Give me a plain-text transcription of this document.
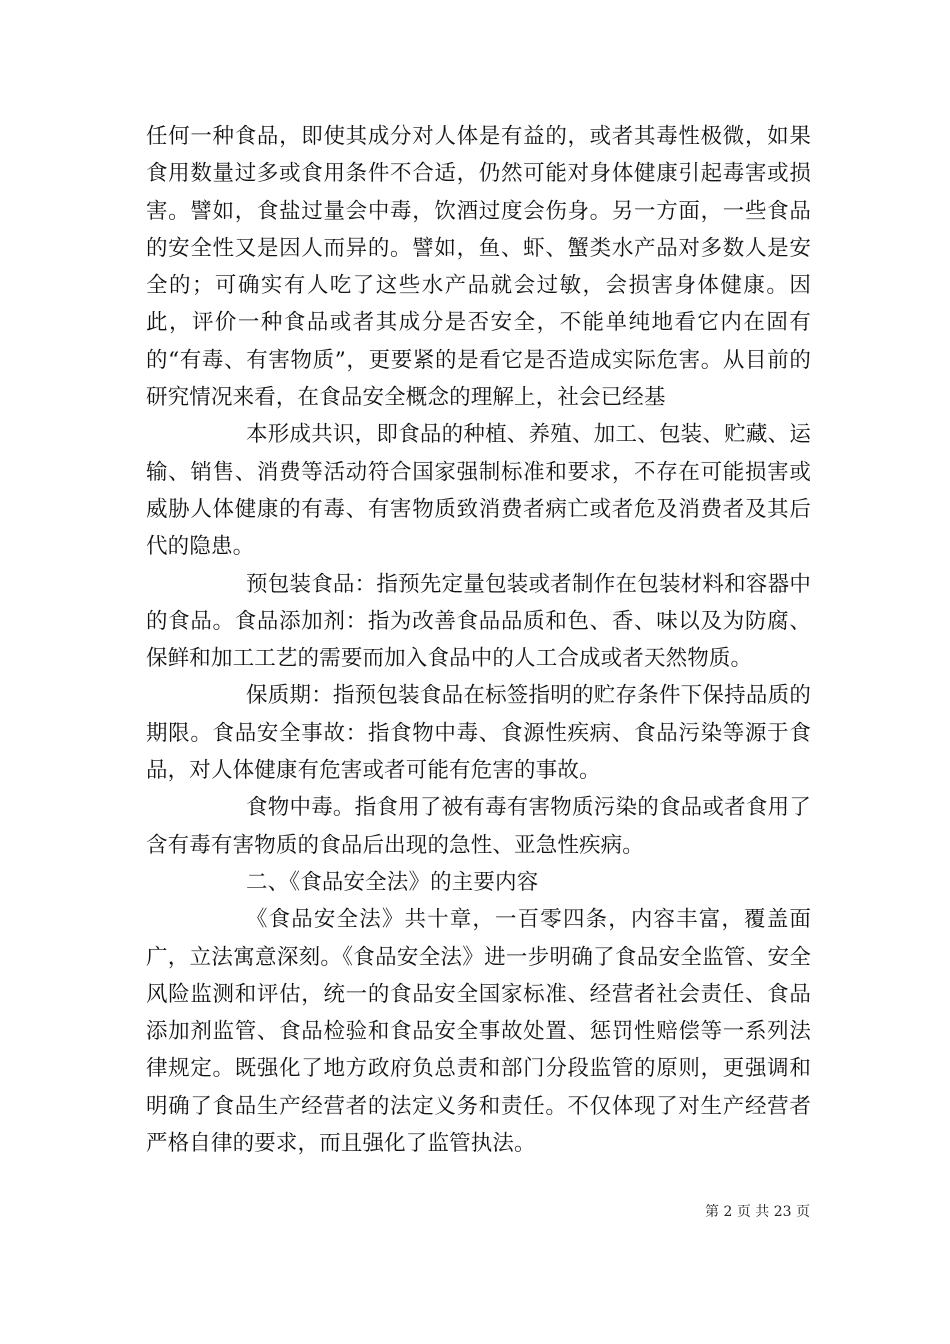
任何一种食品，即使其成分对人体是有益的，或者其毒性极微，如果食用数量过多或食用条件不合适，仍然可能对身体健康引起毒害或损害。譬如，食盐过量会中毒，饮酒过度会伤身。另一方面，一些食品的安全性又是因人而异的。譬如，鱼、虾、蟹类水产品对多数人是安全的；可确实有人吃了这些水产品就会过敏，会损害身体健康。因此，评价一种食品或者其成分是否安全，不能单纯地看它内在固有的“有毒、有害物质”，更要紧的是看它是否造成实际危害。从目前的研究情况来看，在食品安全概念的理解上，社会已经基

本形成共识，即食品的种植、养殖、加工、包装、贮藏、运输、销售、消费等活动符合国家强制标准和要求，不存在可能损害或威胁人体健康的有毒、有害物质致消费者病亡或者危及消费者及其后代的隐患。

预包装食品：指预先定量包装或者制作在包装材料和容器中的食品。食品添加剂：指为改善食品品质和色、香、味以及为防腐、保鲜和加工工艺的需要而加入食品中的人工合成或者天然物质。

保质期：指预包装食品在标签指明的贮存条件下保持品质的期限。食品安全事故：指食物中毒、食源性疾病、食品污染等源于食品，对人体健康有危害或者可能有危害的事故。

食物中毒。指食用了被有毒有害物质污染的食品或者食用了含有毒有害物质的食品后出现的急性、亚急性疾病。

二、《食品安全法》的主要内容

《食品安全法》共十章，一百零四条，内容丰富，覆盖面广，立法寓意深刻。《食品安全法》进一步明确了食品安全监管、安全风险监测和评估，统一的食品安全国家标准、经营者社会责任、食品添加剂监管、食品检验和食品安全事故处置、惩罚性赔偿等一系列法律规定。既强化了地方政府负总责和部门分段监管的原则，更强调和明确了食品生产经营者的法定义务和责任。不仅体现了对生产经营者严格自律的要求，而且强化了监管执法。

第 2 页 共 23 页
